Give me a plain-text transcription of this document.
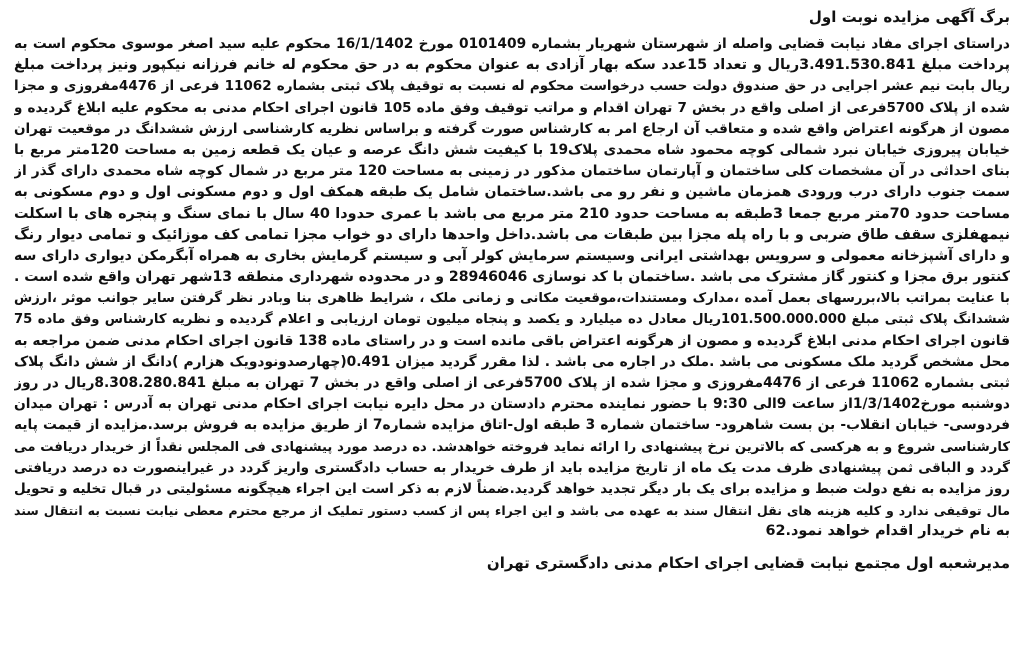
برگ آگهی مزایده نوبت اول
دراستای اجرای مفاد نیابت قضایی واصله از شهرستان شهریار بشماره 0101409 مورخ 16/1/1402 محکوم علیه سید اصغر موسوی محکوم است به
پرداخت مبلغ 3.491.530.841ریال و تعداد 15عدد سکه بهار آزادی به عنوان محکوم به در حق محکوم له خانم فرزانه نیکپور ونیز پرداخت مبلغ
ریال بابت نیم عشر اجرایی در حق صندوق دولت حسب درخواست محکوم له نسبت به توقیف پلاک ثبتی بشماره 11062 فرعی از 4476مفروزی و مجزا
شده از پلاک 5700فرعی از اصلی واقع در بخش 7 تهران اقدام و مراتب توقیف وفق ماده 105 قانون اجرای احکام مدنی به محکوم علیه ابلاغ گردیده و
مصون از هرگونه اعتراض واقع شده و متعاقب آن ارجاع امر به کارشناس صورت گرفته و براساس نظریه کارشناسی ارزش ششدانگ در موقعیت تهران
خیابان پیروزی خیابان نبرد شمالی کوچه محمود شاه محمدی پلاک19 با کیفیت شش دانگ عرصه و عیان یک قطعه زمین به مساحت 120متر مربع با
بنای احداثی در آن مشخصات کلی ساختمان و آپارتمان ساختمان مذکور در زمینی به مساحت 120 متر مربع در شمال کوچه شاه محمدی دارای گذر از
سمت جنوب دارای درب ورودی همزمان ماشین و نفر رو می باشد.ساختمان شامل یک طبقه همکف اول و دوم مسکونی اول و دوم مسکونی به
مساحت حدود 70متر مربع جمعا 3طبقه به مساحت حدود 210 متر مربع می باشد با عمری حدودا 40 سال با نمای سنگ و پنجره های با اسکلت
نیمهفلزی سقف طاق ضربی و با راه پله مجزا بین طبقات می باشد.داخل واحدها دارای دو خواب مجزا تمامی کف موزائیک و تمامی دیوار رنگ
و دارای آشپزخانه معمولی و سرویس بهداشتی ایرانی وسیستم سرمایش کولر آبی و سیستم گرمایش بخاری به همراه آبگرمکن دیواری دارای سه
کنتور برق مجزا و کنتور گاز مشترک می باشد .ساختمان با کد نوسازی 28946046 و در محدوده شهرداری منطقه 13شهر تهران واقع شده است .
با عنایت بمراتب بالا،بررسهای بعمل آمده ،مدارک ومستندات،موقعیت مکانی و زمانی ملک ، شرایط ظاهری بنا وبادر نظر گرفتن سایر جوانب موثر ،ارزش
ششدانگ پلاک ثبتی مبلغ 101.500.000.000ریال معادل ده میلیارد و یکصد و پنجاه میلیون تومان ارزیابی و اعلام گردیده و نظریه کارشناس وفق ماده 75
قانون اجرای احکام مدنی ابلاغ گردیده و مصون از هرگونه اعتراض باقی مانده است و در راستای ماده 138 قانون اجرای احکام مدنی ضمن مراجعه به
محل مشخص گردید ملک مسکونی می باشد .ملک در اجاره می باشد . لذا مقرر گردید میزان 0.491(چهارصدونودویک هزارم )دانگ از شش دانگ پلاک
ثبتی بشماره 11062 فرعی از 4476مفروزی و مجزا شده از پلاک 5700فرعی از اصلی واقع در بخش 7 تهران به مبلغ 8.308.280.841ریال در روز
دوشنبه مورخ1/3/1402از ساعت 9الی 9:30 با حضور نماینده محترم دادستان در محل دایره نیابت اجرای احکام مدنی تهران به آدرس : تهران میدان
فردوسی- خیابان انقلاب- بن بست شاهرود- ساختمان شماره 3 طبقه اول-اتاق مزایده شماره7 از طریق مزایده به فروش برسد.مزایده از قیمت پایه
کارشناسی شروع و به هرکسی که بالاترین نرخ پیشنهادی را ارائه نماید فروخته خواهدشد. ده درصد مورد پیشنهادی فی المجلس نقداً از خریدار دریافت می
گردد و الباقی ثمن پیشنهادی ظرف مدت یک ماه از تاریخ مزایده باید از طرف خریدار به حساب دادگستری واریز گردد در غیراینصورت ده درصد دریافتی
روز مزایده به نفع دولت ضبط و مزایده برای یک بار دیگر تجدید خواهد گردید.ضمناً لازم به ذکر است این اجراء هیچگونه مسئولیتی در قبال تخلیه و تحویل
مال توقیفی ندارد و کلیه هزینه های نقل انتقال سند به عهده می باشد و این اجراء پس از کسب دستور تملیک از مرجع محترم معطی نیابت نسبت به انتقال سند
به نام خریدار اقدام خواهد نمود.62
مدیرشعبه اول مجتمع نیابت قضایی اجرای احکام مدنی دادگستری تهران
